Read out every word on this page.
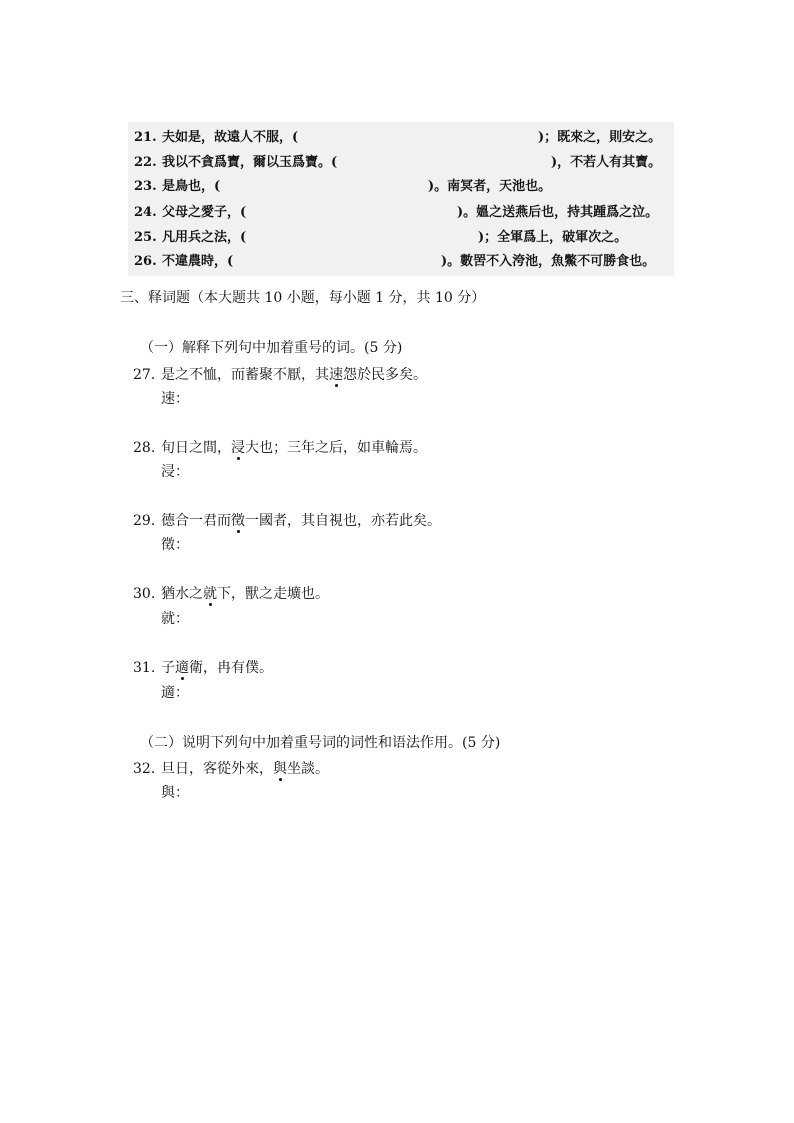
21. 夫如是，故遠人不服，(	)；既來之，則安之。
22. 我以不貪爲寶，爾以玉爲寶。(	)，不若人有其寶。
23. 是鳥也，(	)。南冥者，天池也。
24. 父母之愛子，(	)。媼之送燕后也，持其踵爲之泣。
25. 凡用兵之法，(	)；全軍爲上，破軍次之。
26. 不違農時，(	)。數罟不入洿池，魚鱉不可勝食也。
三、释词题（本大题共 10 小题，每小题 1 分，共 10 分）
（一）解释下列句中加着重号的词。(5 分)
27. 是之不恤，而蓄聚不厭，其速怨於民多矣。
速：
28. 旬日之間，浸大也；三年之后，如車輪焉。
浸：
29. 德合一君而徵一國者，其自視也，亦若此矣。
徵：
30. 猶水之就下，獸之走壙也。
就：
31. 子適衛，冉有僕。
適：
（二）说明下列句中加着重号词的词性和语法作用。(5 分)
32. 旦日，客從外來，與坐談。
與：
